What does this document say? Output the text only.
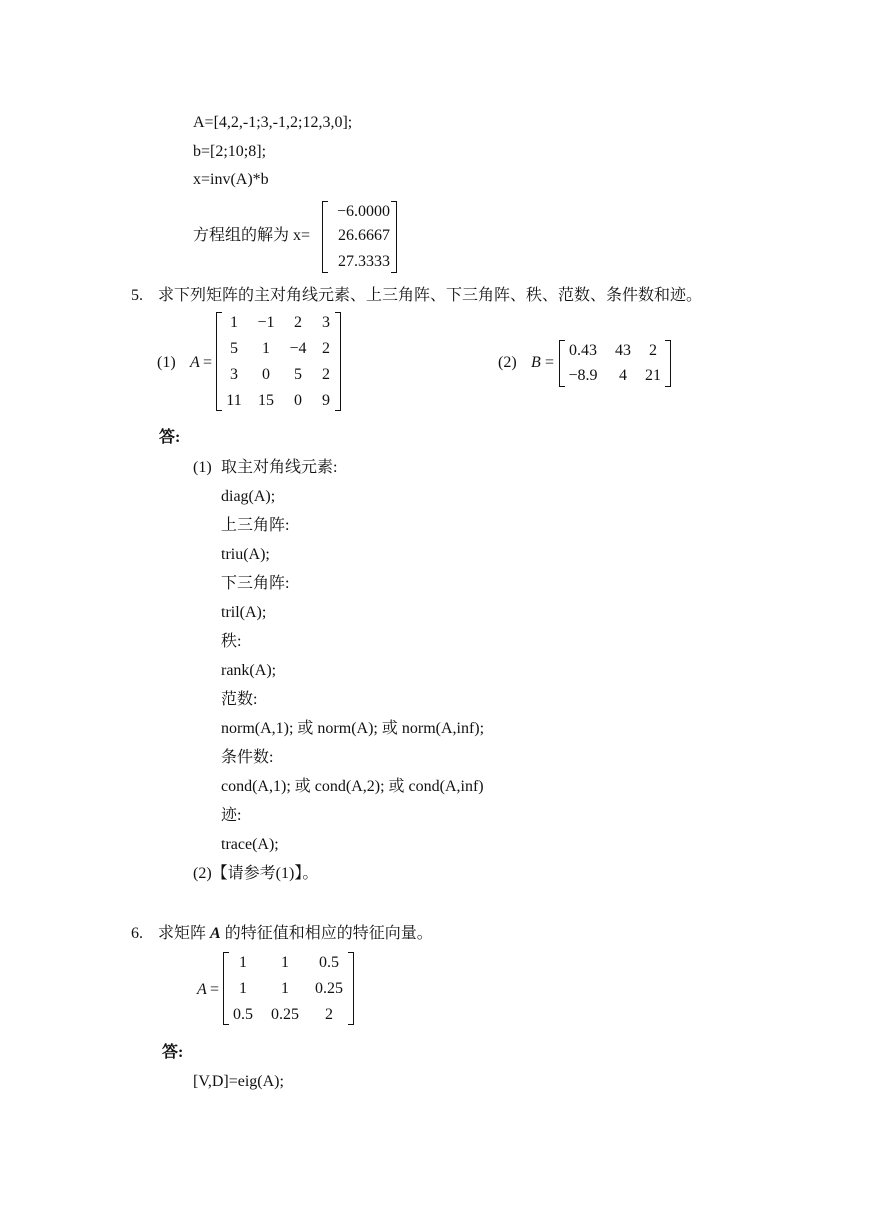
A=[4,2,-1;3,-1,2;12,3,0];
b=[2;10;8];
x=inv(A)*b
方程组的解为 x=
−6.0000
26.6667
27.3333
5. 求下列矩阵的主对角线元素、上三角阵、下三角阵、秩、范数、条件数和迹。
(1) A =
1	−1	2	3
5	1	−4 2
3	0	5	2
11	15	0	9
(2) B =
0.43	43	2
−8.9	4	21
答:
(1) 取主对角线元素:
diag(A);
上三角阵:
triu(A);
下三角阵:
tril(A);
秩:
rank(A);
范数:
norm(A,1); 或 norm(A); 或 norm(A,inf);
条件数:
cond(A,1); 或 cond(A,2); 或 cond(A,inf)
迹:
trace(A);
(2)【请参考(1)】。
6. 求矩阵 A 的特征值和相应的特征向量。
A =
1	1	0.5
1	1	0.25
0.5	0.25	2
答:
[V,D]=eig(A);
